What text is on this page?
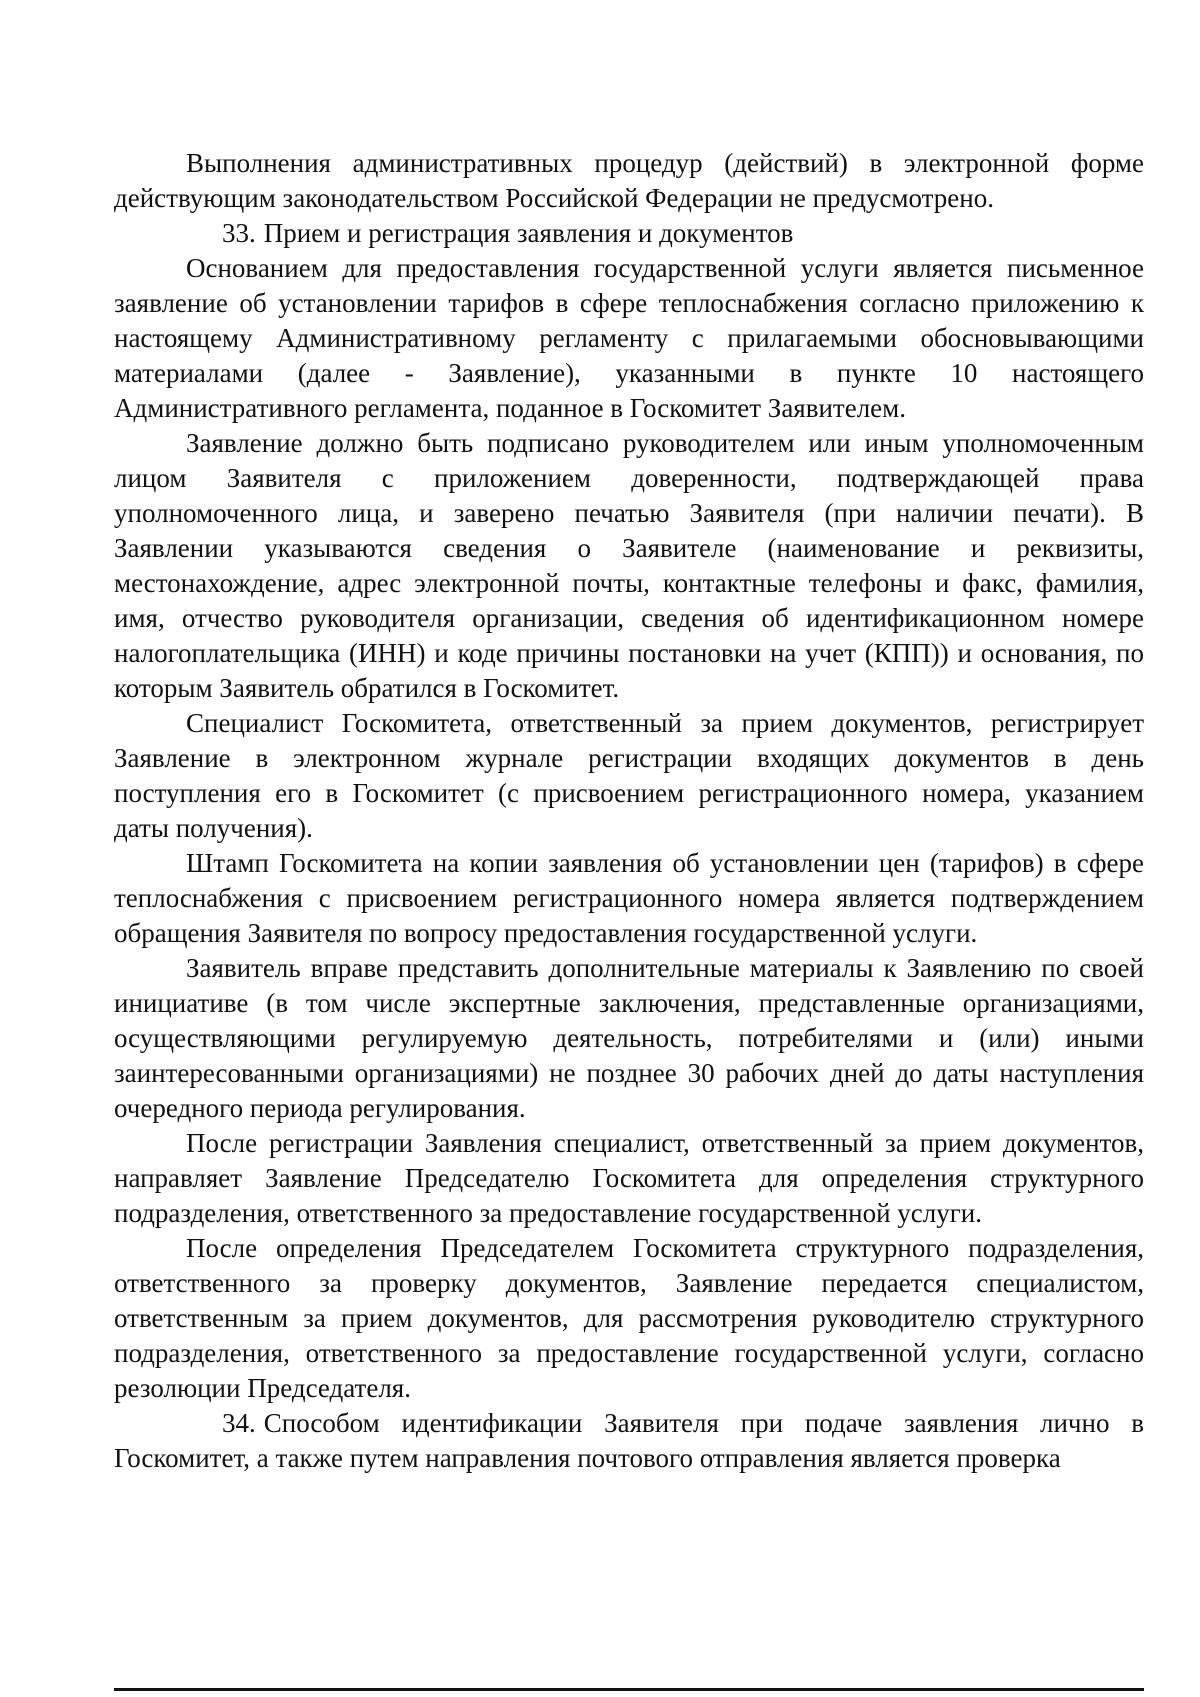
Выполнения административных процедур (действий) в электронной форме действующим законодательством Российской Федерации не предусмотрено.

33. Прием и регистрация заявления и документов

Основанием для предоставления государственной услуги является письменное заявление об установлении тарифов в сфере теплоснабжения согласно приложению к настоящему Административному регламенту с прилагаемыми обосновывающими материалами (далее - Заявление), указанными в пункте 10 настоящего Административного регламента, поданное в Госкомитет Заявителем.

Заявление должно быть подписано руководителем или иным уполномоченным лицом Заявителя с приложением доверенности, подтверждающей права уполномоченного лица, и заверено печатью Заявителя (при наличии печати). В Заявлении указываются сведения о Заявителе (наименование и реквизиты, местонахождение, адрес электронной почты, контактные телефоны и факс, фамилия, имя, отчество руководителя организации, сведения об идентификационном номере налогоплательщика (ИНН) и коде причины постановки на учет (КПП)) и основания, по которым Заявитель обратился в Госкомитет.

Специалист Госкомитета, ответственный за прием документов, регистрирует Заявление в электронном журнале регистрации входящих документов в день поступления его в Госкомитет (с присвоением регистрационного номера, указанием даты получения).

Штамп Госкомитета на копии заявления об установлении цен (тарифов) в сфере теплоснабжения с присвоением регистрационного номера является подтверждением обращения Заявителя по вопросу предоставления государственной услуги.

Заявитель вправе представить дополнительные материалы к Заявлению по своей инициативе (в том числе экспертные заключения, представленные организациями, осуществляющими регулируемую деятельность, потребителями и (или) иными заинтересованными организациями) не позднее 30 рабочих дней до даты наступления очередного периода регулирования.

После регистрации Заявления специалист, ответственный за прием документов, направляет Заявление Председателю Госкомитета для определения структурного подразделения, ответственного за предоставление государственной услуги.

После определения Председателем Госкомитета структурного подразделения, ответственного за проверку документов, Заявление передается специалистом, ответственным за прием документов, для рассмотрения руководителю структурного подразделения, ответственного за предоставление государственной услуги, согласно резолюции Председателя.

34. Способом идентификации Заявителя при подаче заявления лично в Госкомитет, а также путем направления почтового отправления является проверка
